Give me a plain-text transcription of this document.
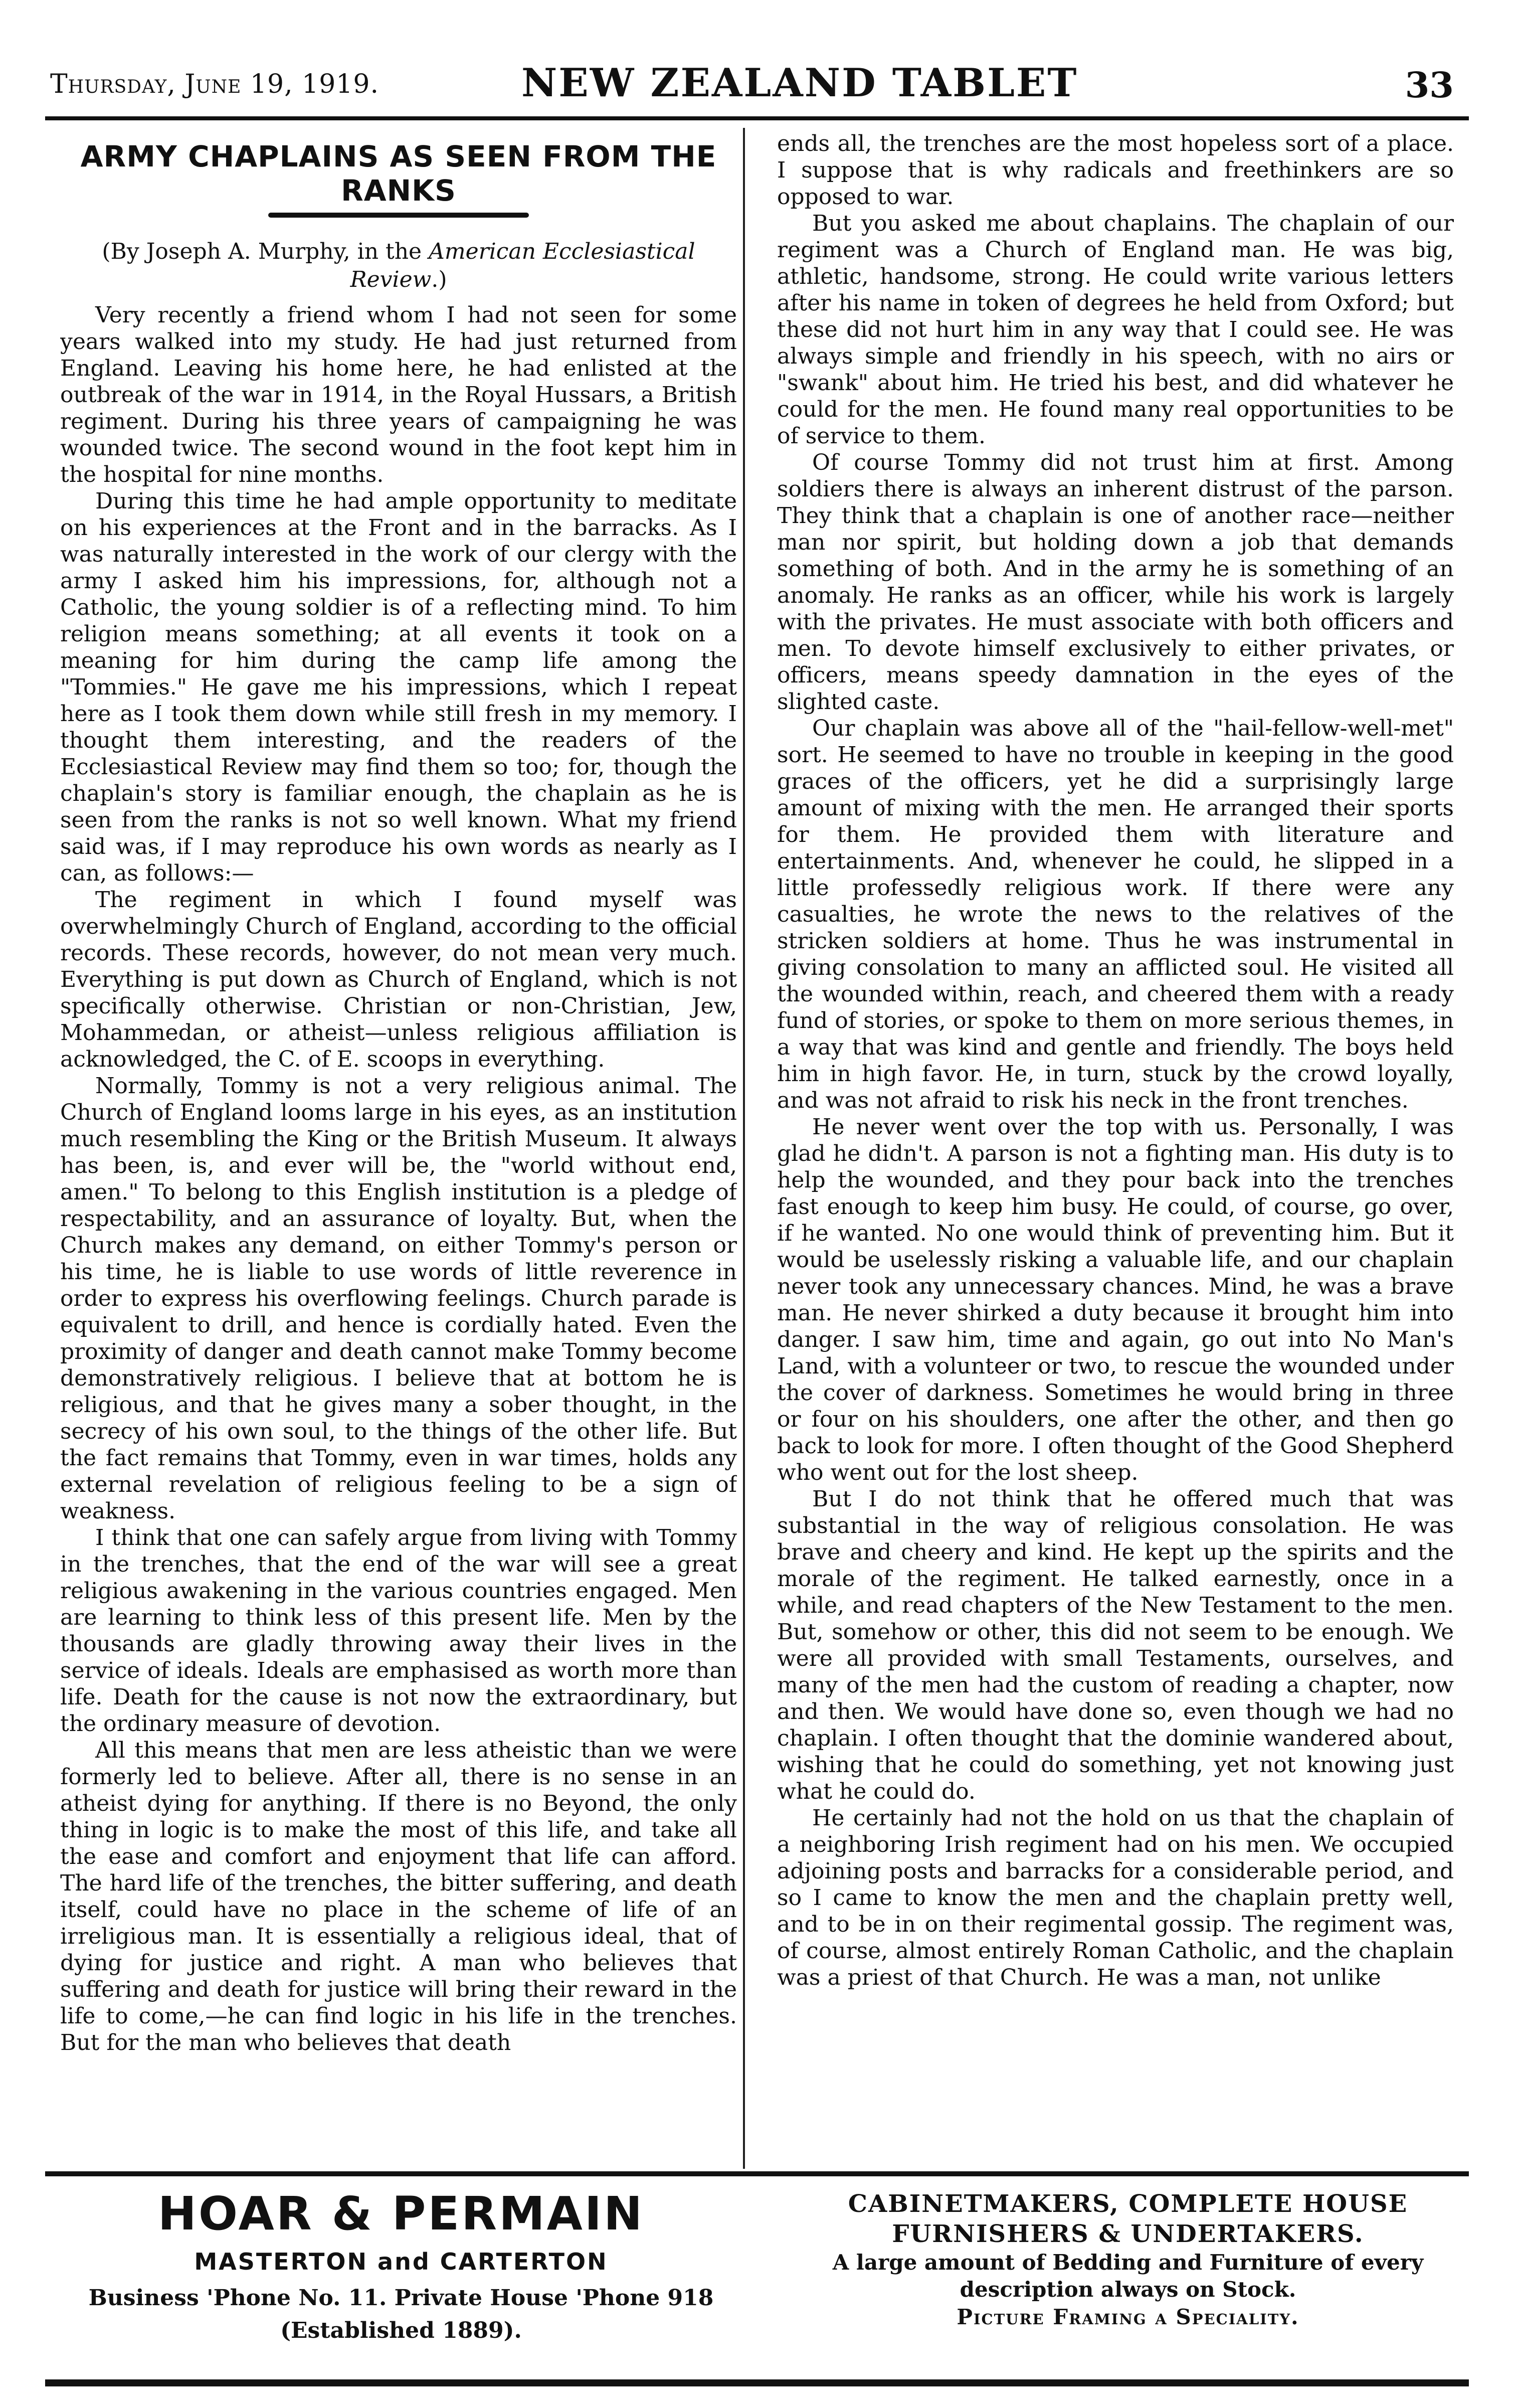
Thursday, June 19, 1919.	NEW ZEALAND TABLET	33
ARMY CHAPLAINS AS SEEN FROM THE RANKS
(By Joseph A. Murphy, in the American Ecclesiastical Review.)

Very recently a friend whom I had not seen for some years walked into my study. He had just returned from England. Leaving his home here, he had enlisted at the outbreak of the war in 1914, in the Royal Hussars, a British regiment. During his three years of campaigning he was wounded twice. The second wound in the foot kept him in the hospital for nine months.

During this time he had ample opportunity to meditate on his experiences at the Front and in the barracks. As I was naturally interested in the work of our clergy with the army I asked him his impressions, for, although not a Catholic, the young soldier is of a reflecting mind. To him religion means something; at all events it took on a meaning for him during the camp life among the "Tommies." He gave me his impressions, which I repeat here as I took them down while still fresh in my memory. I thought them interesting, and the readers of the Ecclesiastical Review may find them so too; for, though the chaplain's story is familiar enough, the chaplain as he is seen from the ranks is not so well known. What my friend said was, if I may reproduce his own words as nearly as I can, as follows:—

The regiment in which I found myself was overwhelmingly Church of England, according to the official records. These records, however, do not mean very much. Everything is put down as Church of England, which is not specifically otherwise. Christian or non-Christian, Jew, Mohammedan, or atheist—unless religious affiliation is acknowledged, the C. of E. scoops in everything.

Normally, Tommy is not a very religious animal. The Church of England looms large in his eyes, as an institution much resembling the King or the British Museum. It always has been, is, and ever will be, the "world without end, amen." To belong to this English institution is a pledge of respectability, and an assurance of loyalty. But, when the Church makes any demand, on either Tommy's person or his time, he is liable to use words of little reverence in order to express his overflowing feelings. Church parade is equivalent to drill, and hence is cordially hated. Even the proximity of danger and death cannot make Tommy become demonstratively religious. I believe that at bottom he is religious, and that he gives many a sober thought, in the secrecy of his own soul, to the things of the other life. But the fact remains that Tommy, even in war times, holds any external revelation of religious feeling to be a sign of weakness.

I think that one can safely argue from living with Tommy in the trenches, that the end of the war will see a great religious awakening in the various countries engaged. Men are learning to think less of this present life. Men by the thousands are gladly throwing away their lives in the service of ideals. Ideals are emphasised as worth more than life. Death for the cause is not now the extraordinary, but the ordinary measure of devotion.

All this means that men are less atheistic than we were formerly led to believe. After all, there is no sense in an atheist dying for anything. If there is no Beyond, the only thing in logic is to make the most of this life, and take all the ease and comfort and enjoyment that life can afford. The hard life of the trenches, the bitter suffering, and death itself, could have no place in the scheme of life of an irreligious man. It is essentially a religious ideal, that of dying for justice and right. A man who believes that suffering and death for justice will bring their reward in the life to come,—he can find logic in his life in the trenches. But for the man who believes that death

ends all, the trenches are the most hopeless sort of a place. I suppose that is why radicals and freethinkers are so opposed to war.

But you asked me about chaplains. The chaplain of our regiment was a Church of England man. He was big, athletic, handsome, strong. He could write various letters after his name in token of degrees he held from Oxford; but these did not hurt him in any way that I could see. He was always simple and friendly in his speech, with no airs or "swank" about him. He tried his best, and did whatever he could for the men. He found many real opportunities to be of service to them.

Of course Tommy did not trust him at first. Among soldiers there is always an inherent distrust of the parson. They think that a chaplain is one of another race—neither man nor spirit, but holding down a job that demands something of both. And in the army he is something of an anomaly. He ranks as an officer, while his work is largely with the privates. He must associate with both officers and men. To devote himself exclusively to either privates, or officers, means speedy damnation in the eyes of the slighted caste.

Our chaplain was above all of the "hail-fellow-well-met" sort. He seemed to have no trouble in keeping in the good graces of the officers, yet he did a surprisingly large amount of mixing with the men. He arranged their sports for them. He provided them with literature and entertainments. And, whenever he could, he slipped in a little professedly religious work. If there were any casualties, he wrote the news to the relatives of the stricken soldiers at home. Thus he was instrumental in giving consolation to many an afflicted soul. He visited all the wounded within, reach, and cheered them with a ready fund of stories, or spoke to them on more serious themes, in a way that was kind and gentle and friendly. The boys held him in high favor. He, in turn, stuck by the crowd loyally, and was not afraid to risk his neck in the front trenches.

He never went over the top with us. Personally, I was glad he didn't. A parson is not a fighting man. His duty is to help the wounded, and they pour back into the trenches fast enough to keep him busy. He could, of course, go over, if he wanted. No one would think of preventing him. But it would be uselessly risking a valuable life, and our chaplain never took any unnecessary chances. Mind, he was a brave man. He never shirked a duty because it brought him into danger. I saw him, time and again, go out into No Man's Land, with a volunteer or two, to rescue the wounded under the cover of darkness. Sometimes he would bring in three or four on his shoulders, one after the other, and then go back to look for more. I often thought of the Good Shepherd who went out for the lost sheep.

But I do not think that he offered much that was substantial in the way of religious consolation. He was brave and cheery and kind. He kept up the spirits and the morale of the regiment. He talked earnestly, once in a while, and read chapters of the New Testament to the men. But, somehow or other, this did not seem to be enough. We were all provided with small Testaments, ourselves, and many of the men had the custom of reading a chapter, now and then. We would have done so, even though we had no chaplain. I often thought that the dominie wandered about, wishing that he could do something, yet not knowing just what he could do.

He certainly had not the hold on us that the chaplain of a neighboring Irish regiment had on his men. We occupied adjoining posts and barracks for a considerable period, and so I came to know the men and the chaplain pretty well, and to be in on their regimental gossip. The regiment was, of course, almost entirely Roman Catholic, and the chaplain was a priest of that Church. He was a man, not unlike

HOAR & PERMAIN
MASTERTON and CARTERTON
Business 'Phone No. 11. Private House 'Phone 918
(Established 1889).
CABINETMAKERS, COMPLETE HOUSE
FURNISHERS & UNDERTAKERS.
A large amount of Bedding and Furniture of every
description always on Stock.
Picture Framing a Speciality.
